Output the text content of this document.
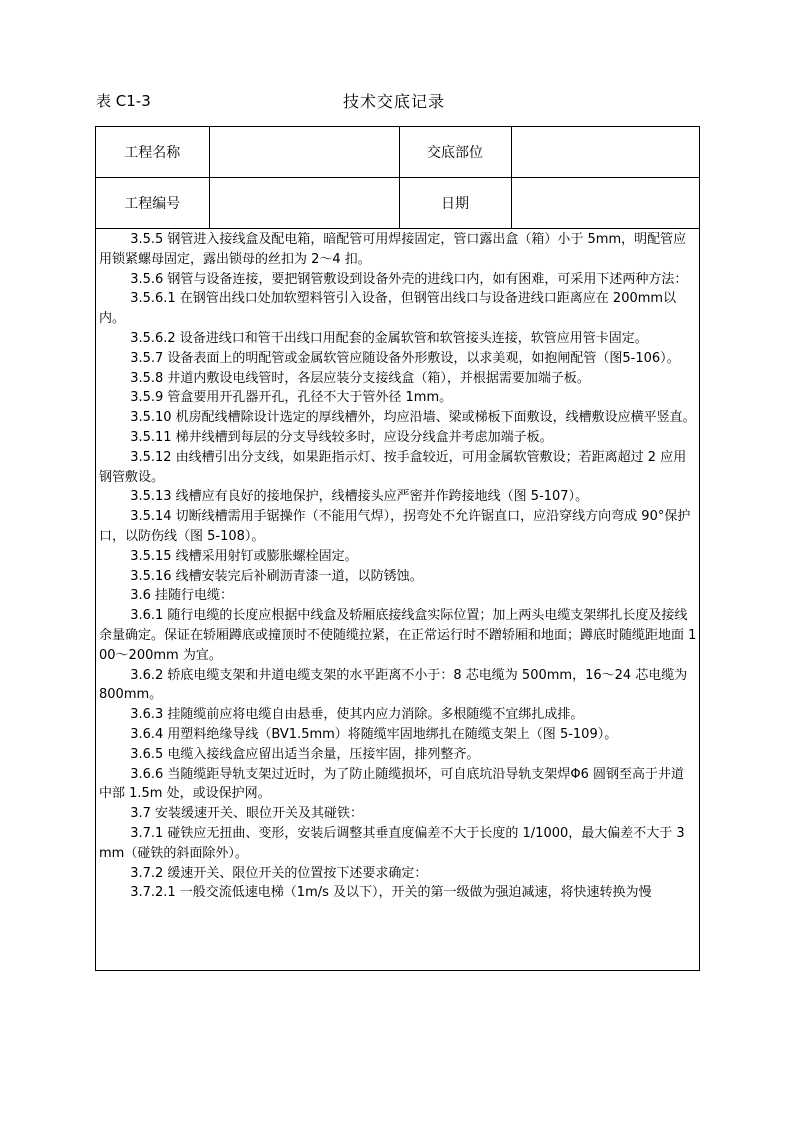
表 C1-3	技术交底记录
工程名称		交底部位	
工程编号		日期	

3.5.5 钢管进入接线盒及配电箱，暗配管可用焊接固定，管口露出盒（箱）小于 5mm，明配管应用锁紧螺母固定，露出锁母的丝扣为 2～4 扣。

3.5.6 钢管与设备连接，要把钢管敷设到设备外壳的进线口内，如有困难，可采用下述两种方法：

3.5.6.1 在钢管出线口处加软塑料管引入设备，但钢管出线口与设备进线口距离应在 200mm以内。

3.5.6.2 设备进线口和管干出线口用配套的金属软管和软管接头连接，软管应用管卡固定。

3.5.7 设备表面上的明配管或金属软管应随设备外形敷设，以求美观，如抱闸配管（图5-106）。

3.5.8 井道内敷设电线管时，各层应装分支接线盒（箱），并根据需要加端子板。

3.5.9 管盒要用开孔器开孔，孔径不大于管外径 1mm。

3.5.10 机房配线槽除设计选定的厚线槽外，均应沿墙、梁或梯板下面敷设，线槽敷设应横平竖直。

3.5.11 梯井线槽到每层的分支导线较多时，应设分线盒并考虑加端子板。

3.5.12 由线槽引出分支线，如果距指示灯、按手盒较近，可用金属软管敷设；若距离超过 2 应用钢管敷设。

3.5.13 线槽应有良好的接地保护，线槽接头应严密并作跨接地线（图 5-107）。

3.5.14 切断线槽需用手锯操作（不能用气焊），拐弯处不允许锯直口，应沿穿线方向弯成 90°保护口，以防伤线（图 5-108）。

3.5.15 线槽采用射钉或膨胀螺栓固定。

3.5.16 线槽安装完后补刷沥青漆一道，以防锈蚀。

3.6 挂随行电缆：

3.6.1 随行电缆的长度应根据中线盒及轿厢底接线盒实际位置；加上两头电缆支架绑扎长度及接线余量确定。保证在轿厢蹲底或撞顶时不使随缆拉紧，在正常运行时不蹭轿厢和地面；蹲底时随缆距地面 100～200mm 为宜。

3.6.2 轿底电缆支架和井道电缆支架的水平距离不小于：8 芯电缆为 500mm，16～24 芯电缆为 800mm。

3.6.3 挂随缆前应将电缆自由悬垂，使其内应力消除。多根随缆不宜绑扎成排。

3.6.4 用塑料绝缘导线（BV1.5mm）将随缆牢固地绑扎在随缆支架上（图 5-109）。

3.6.5 电缆入接线盒应留出适当余量，压接牢固，排列整齐。

3.6.6 当随缆距导轨支架过近时，为了防止随缆损坏，可自底坑沿导轨支架焊Φ6 圆钢至高于井道中部 1.5m 处，或设保护网。

3.7 安装缓速开关、眼位开关及其碰铁：

3.7.1 碰铁应无扭曲、变形，安装后调整其垂直度偏差不大于长度的 1/1000，最大偏差不大于 3mm（碰铁的斜面除外）。

3.7.2 缓速开关、限位开关的位置按下述要求确定：

3.7.2.1 一般交流低速电梯（1m/s 及以下），开关的第一级做为强迫减速，将快速转换为慢
